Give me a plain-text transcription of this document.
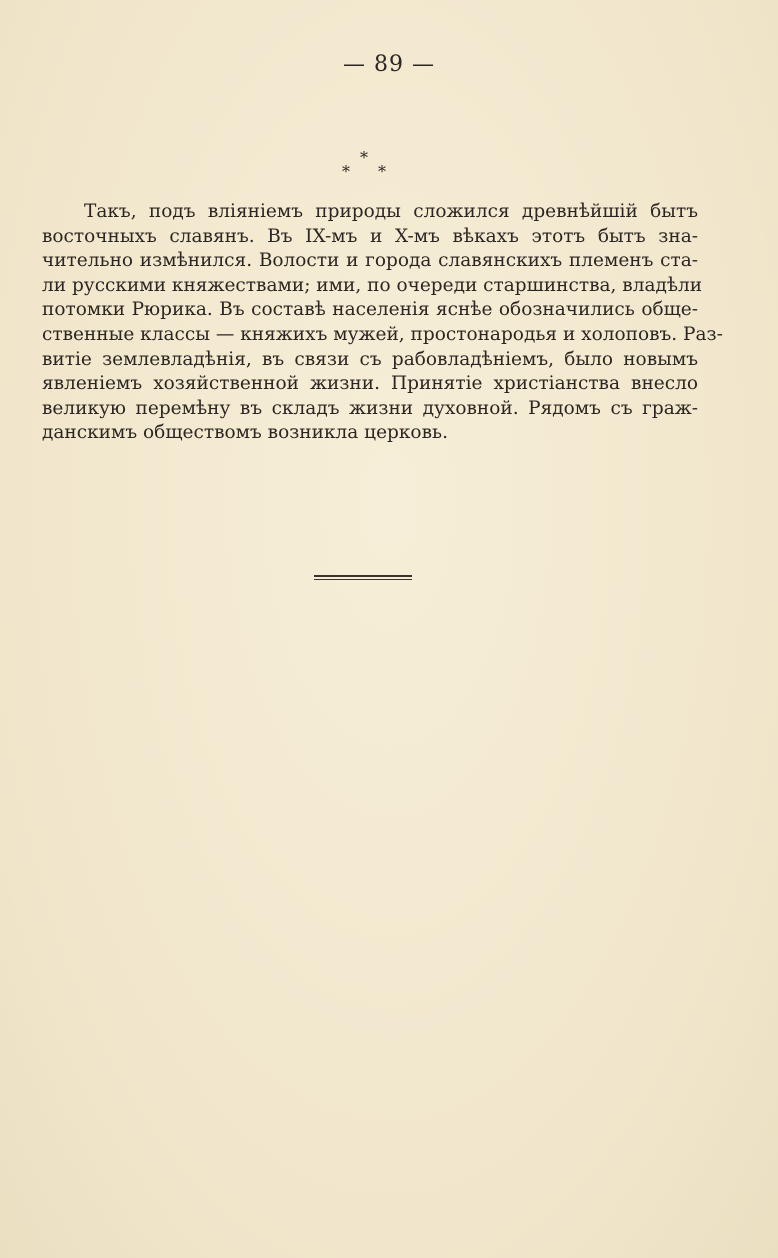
— 89 —
*
* *
Такъ, подъ вліяніемъ природы сложился древнѣйшій бытъ
восточныхъ славянъ. Въ IX-мъ и X-мъ вѣкахъ этотъ бытъ зна-
чительно измѣнился. Волости и города славянскихъ племенъ ста-
ли русскими княжествами; ими, по очереди старшинства, владѣли
потомки Рюрика. Въ составѣ населенія яснѣе обозначились обще-
ственные классы — княжихъ мужей, простонародья и холоповъ. Раз-
витіе землевладѣнія, въ связи съ рабовладѣніемъ, было новымъ
явленіемъ хозяйственной жизни. Принятіе христіанства внесло
великую перемѣну въ складъ жизни духовной. Рядомъ съ граж-
данскимъ обществомъ возникла церковь.
